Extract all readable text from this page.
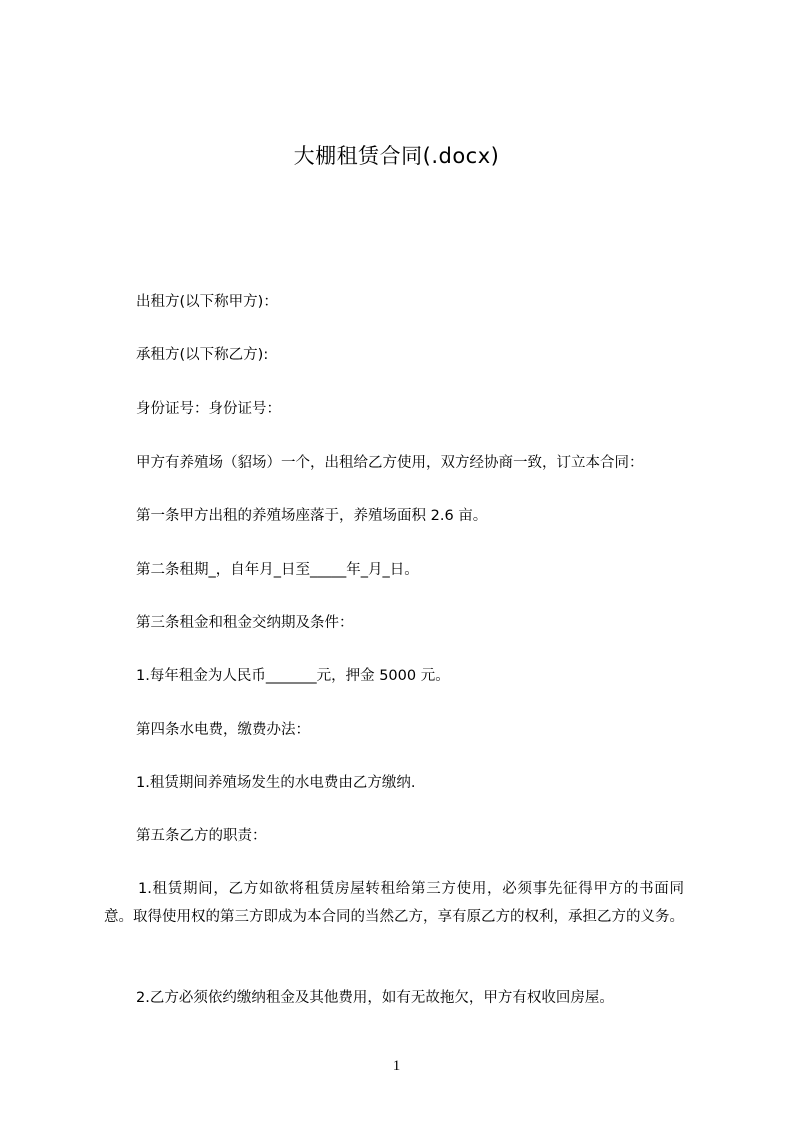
大棚租赁合同(.docx)
出租方(以下称甲方)：
承租方(以下称乙方):
身份证号：身份证号：
甲方有养殖场（貂场）一个，出租给乙方使用，双方经协商一致，订立本合同：
第一条甲方出租的养殖场座落于，养殖场面积 2.6 亩。
第二条租期_，自年月_日至_____年_月_日。
第三条租金和租金交纳期及条件：
1.每年租金为人民币_______元，押金 5000 元。
第四条水电费，缴费办法：
1.租赁期间养殖场发生的水电费由乙方缴纳.
第五条乙方的职责：
1.租赁期间，乙方如欲将租赁房屋转租给第三方使用，必须事先征得甲方的书面同意。取得使用权的第三方即成为本合同的当然乙方，享有原乙方的权利，承担乙方的义务。
2.乙方必须依约缴纳租金及其他费用，如有无故拖欠，甲方有权收回房屋。
1
